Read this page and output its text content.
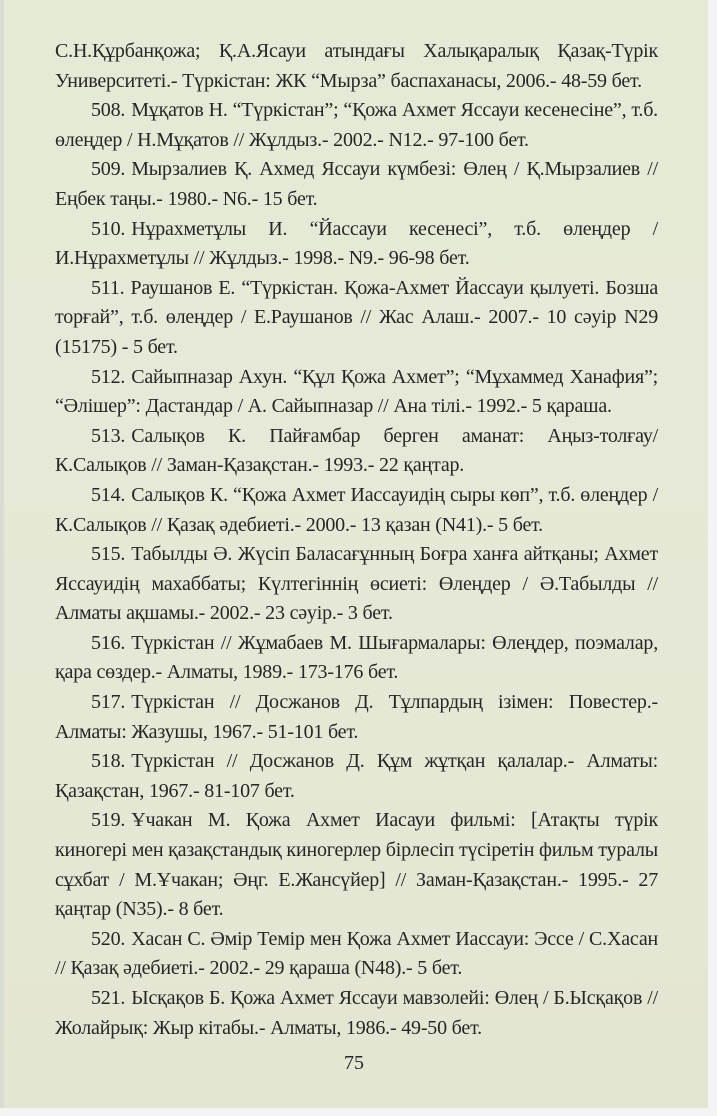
С.Н.Құрбанқожа; Қ.А.Ясауи атындағы Халықаралық Қазақ-Түрік Университеті.- Түркістан: ЖК “Мырза” баспаханасы, 2006.- 48-59 бет.

508. Мұқатов Н. “Түркістан”; “Қожа Ахмет Яссауи кесенесіне”, т.б. өлеңдер / Н.Мұқатов // Жұлдыз.- 2002.- N12.- 97-100 бет.

509. Мырзалиев Қ. Ахмед Яссауи күмбезі: Өлең / Қ.Мырзалиев // Еңбек таңы.- 1980.- N6.- 15 бет.

510. Нұрахметұлы И. “Йассауи кесенесі”, т.б. өлеңдер / И.Нұрахметұлы // Жұлдыз.- 1998.- N9.- 96-98 бет.

511. Раушанов Е. “Түркістан. Қожа-Ахмет Йассауи қылуеті. Бозша торғай”, т.б. өлеңдер / Е.Раушанов // Жас Алаш.- 2007.- 10 сәуір N29 (15175) - 5 бет.

512. Сайыпназар Ахун. “Құл Қожа Ахмет”; “Мұхаммед Ханафия”; “Әлішер”: Дастандар / А. Сайыпназар // Ана тілі.- 1992.- 5 қараша.

513. Салықов К. Пайғамбар берген аманат: Аңыз-толғау/ К.Салықов // Заман-Қазақстан.- 1993.- 22 қаңтар.

514. Салықов К. “Қожа Ахмет Иассауидің сыры көп”, т.б. өлеңдер / К.Салықов // Қазақ әдебиеті.- 2000.- 13 қазан (N41).- 5 бет.

515. Табылды Ә. Жүсіп Баласағұнның Боғра ханға айтқаны; Ахмет Яссауидің махаббаты; Күлтегіннің өсиеті: Өлеңдер / Ә.Табылды // Алматы ақшамы.- 2002.- 23 сәуір.- 3 бет.

516. Түркістан // Жұмабаев М. Шығармалары: Өлеңдер, поэмалар, қара сөздер.- Алматы, 1989.- 173-176 бет.

517. Түркістан // Досжанов Д. Тұлпардың ізімен: Повестер.- Алматы: Жазушы, 1967.- 51-101 бет.

518. Түркістан // Досжанов Д. Құм жұтқан қалалар.- Алматы: Қазақстан, 1967.- 81-107 бет.

519. Ұчакан М. Қожа Ахмет Иасауи фильмі: [Атақты түрік киногері мен қазақстандық киногерлер бірлесіп түсіретін фильм туралы сұхбат / М.Ұчакан; Әңг. Е.Жансүйер] // Заман-Қазақстан.- 1995.- 27 қаңтар (N35).- 8 бет.

520. Хасан С. Әмір Темір мен Қожа Ахмет Иассауи: Эссе / С.Хасан // Қазақ әдебиеті.- 2002.- 29 қараша (N48).- 5 бет.

521. Ысқақов Б. Қожа Ахмет Яссауи мавзолейі: Өлең / Б.Ысқақов // Жолайрық: Жыр кітабы.- Алматы, 1986.- 49-50 бет.

75
